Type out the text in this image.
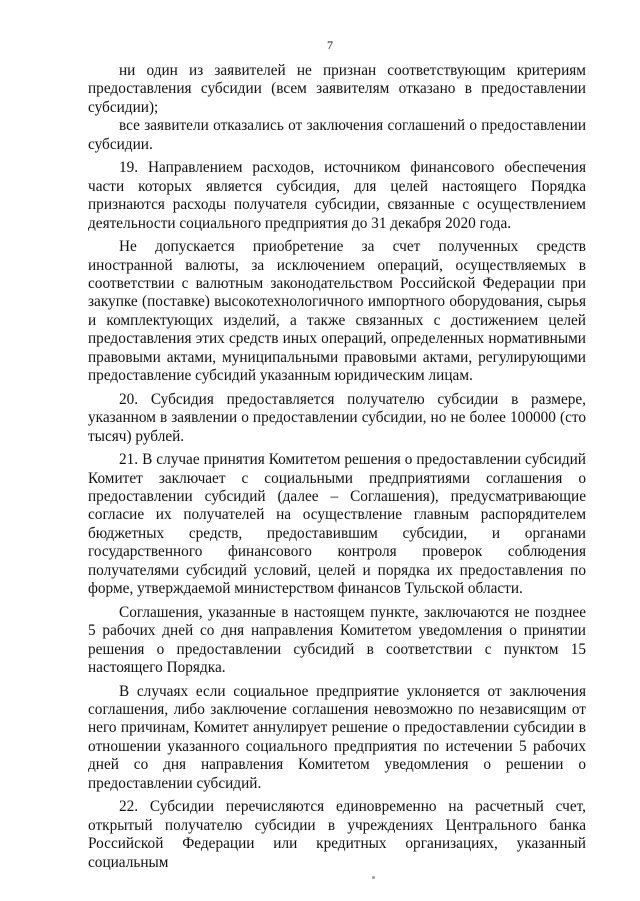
7

ни один из заявителей не признан соответствующим критериям предоставления субсидии (всем заявителям отказано в предоставлении субсидии);

все заявители отказались от заключения соглашений о предоставлении субсидии.

19. Направлением расходов, источником финансового обеспечения части которых является субсидия, для целей настоящего Порядка признаются расходы получателя субсидии, связанные с осуществлением деятельности социального предприятия до 31 декабря 2020 года.

Не допускается приобретение за счет полученных средств иностранной валюты, за исключением операций, осуществляемых в соответствии с валютным законодательством Российской Федерации при закупке (поставке) высокотехнологичного импортного оборудования, сырья и комплектующих изделий, а также связанных с достижением целей предоставления этих средств иных операций, определенных нормативными правовыми актами, муниципальными правовыми актами, регулирующими предоставление субсидий указанным юридическим лицам.

20. Субсидия предоставляется получателю субсидии в размере, указанном в заявлении о предоставлении субсидии, но не более 100000 (сто тысяч) рублей.

21. В случае принятия Комитетом решения о предоставлении субсидий Комитет заключает с социальными предприятиями соглашения о предоставлении субсидий (далее – Соглашения), предусматривающие согласие их получателей на осуществление главным распорядителем бюджетных средств, предоставившим субсидии, и органами государственного финансового контроля проверок соблюдения получателями субсидий условий, целей и порядка их предоставления по форме, утверждаемой министерством финансов Тульской области.

Соглашения, указанные в настоящем пункте, заключаются не позднее 5 рабочих дней со дня направления Комитетом уведомления о принятии решения о предоставлении субсидий в соответствии с пунктом 15 настоящего Порядка.

В случаях если социальное предприятие уклоняется от заключения соглашения, либо заключение соглашения невозможно по независящим от него причинам, Комитет аннулирует решение о предоставлении субсидии в отношении указанного социального предприятия по истечении 5 рабочих дней со дня направления Комитетом уведомления о решении о предоставлении субсидий.

22. Субсидии перечисляются единовременно на расчетный счет, открытый получателю субсидии в учреждениях Центрального банка Российской Федерации или кредитных организациях, указанный социальным
